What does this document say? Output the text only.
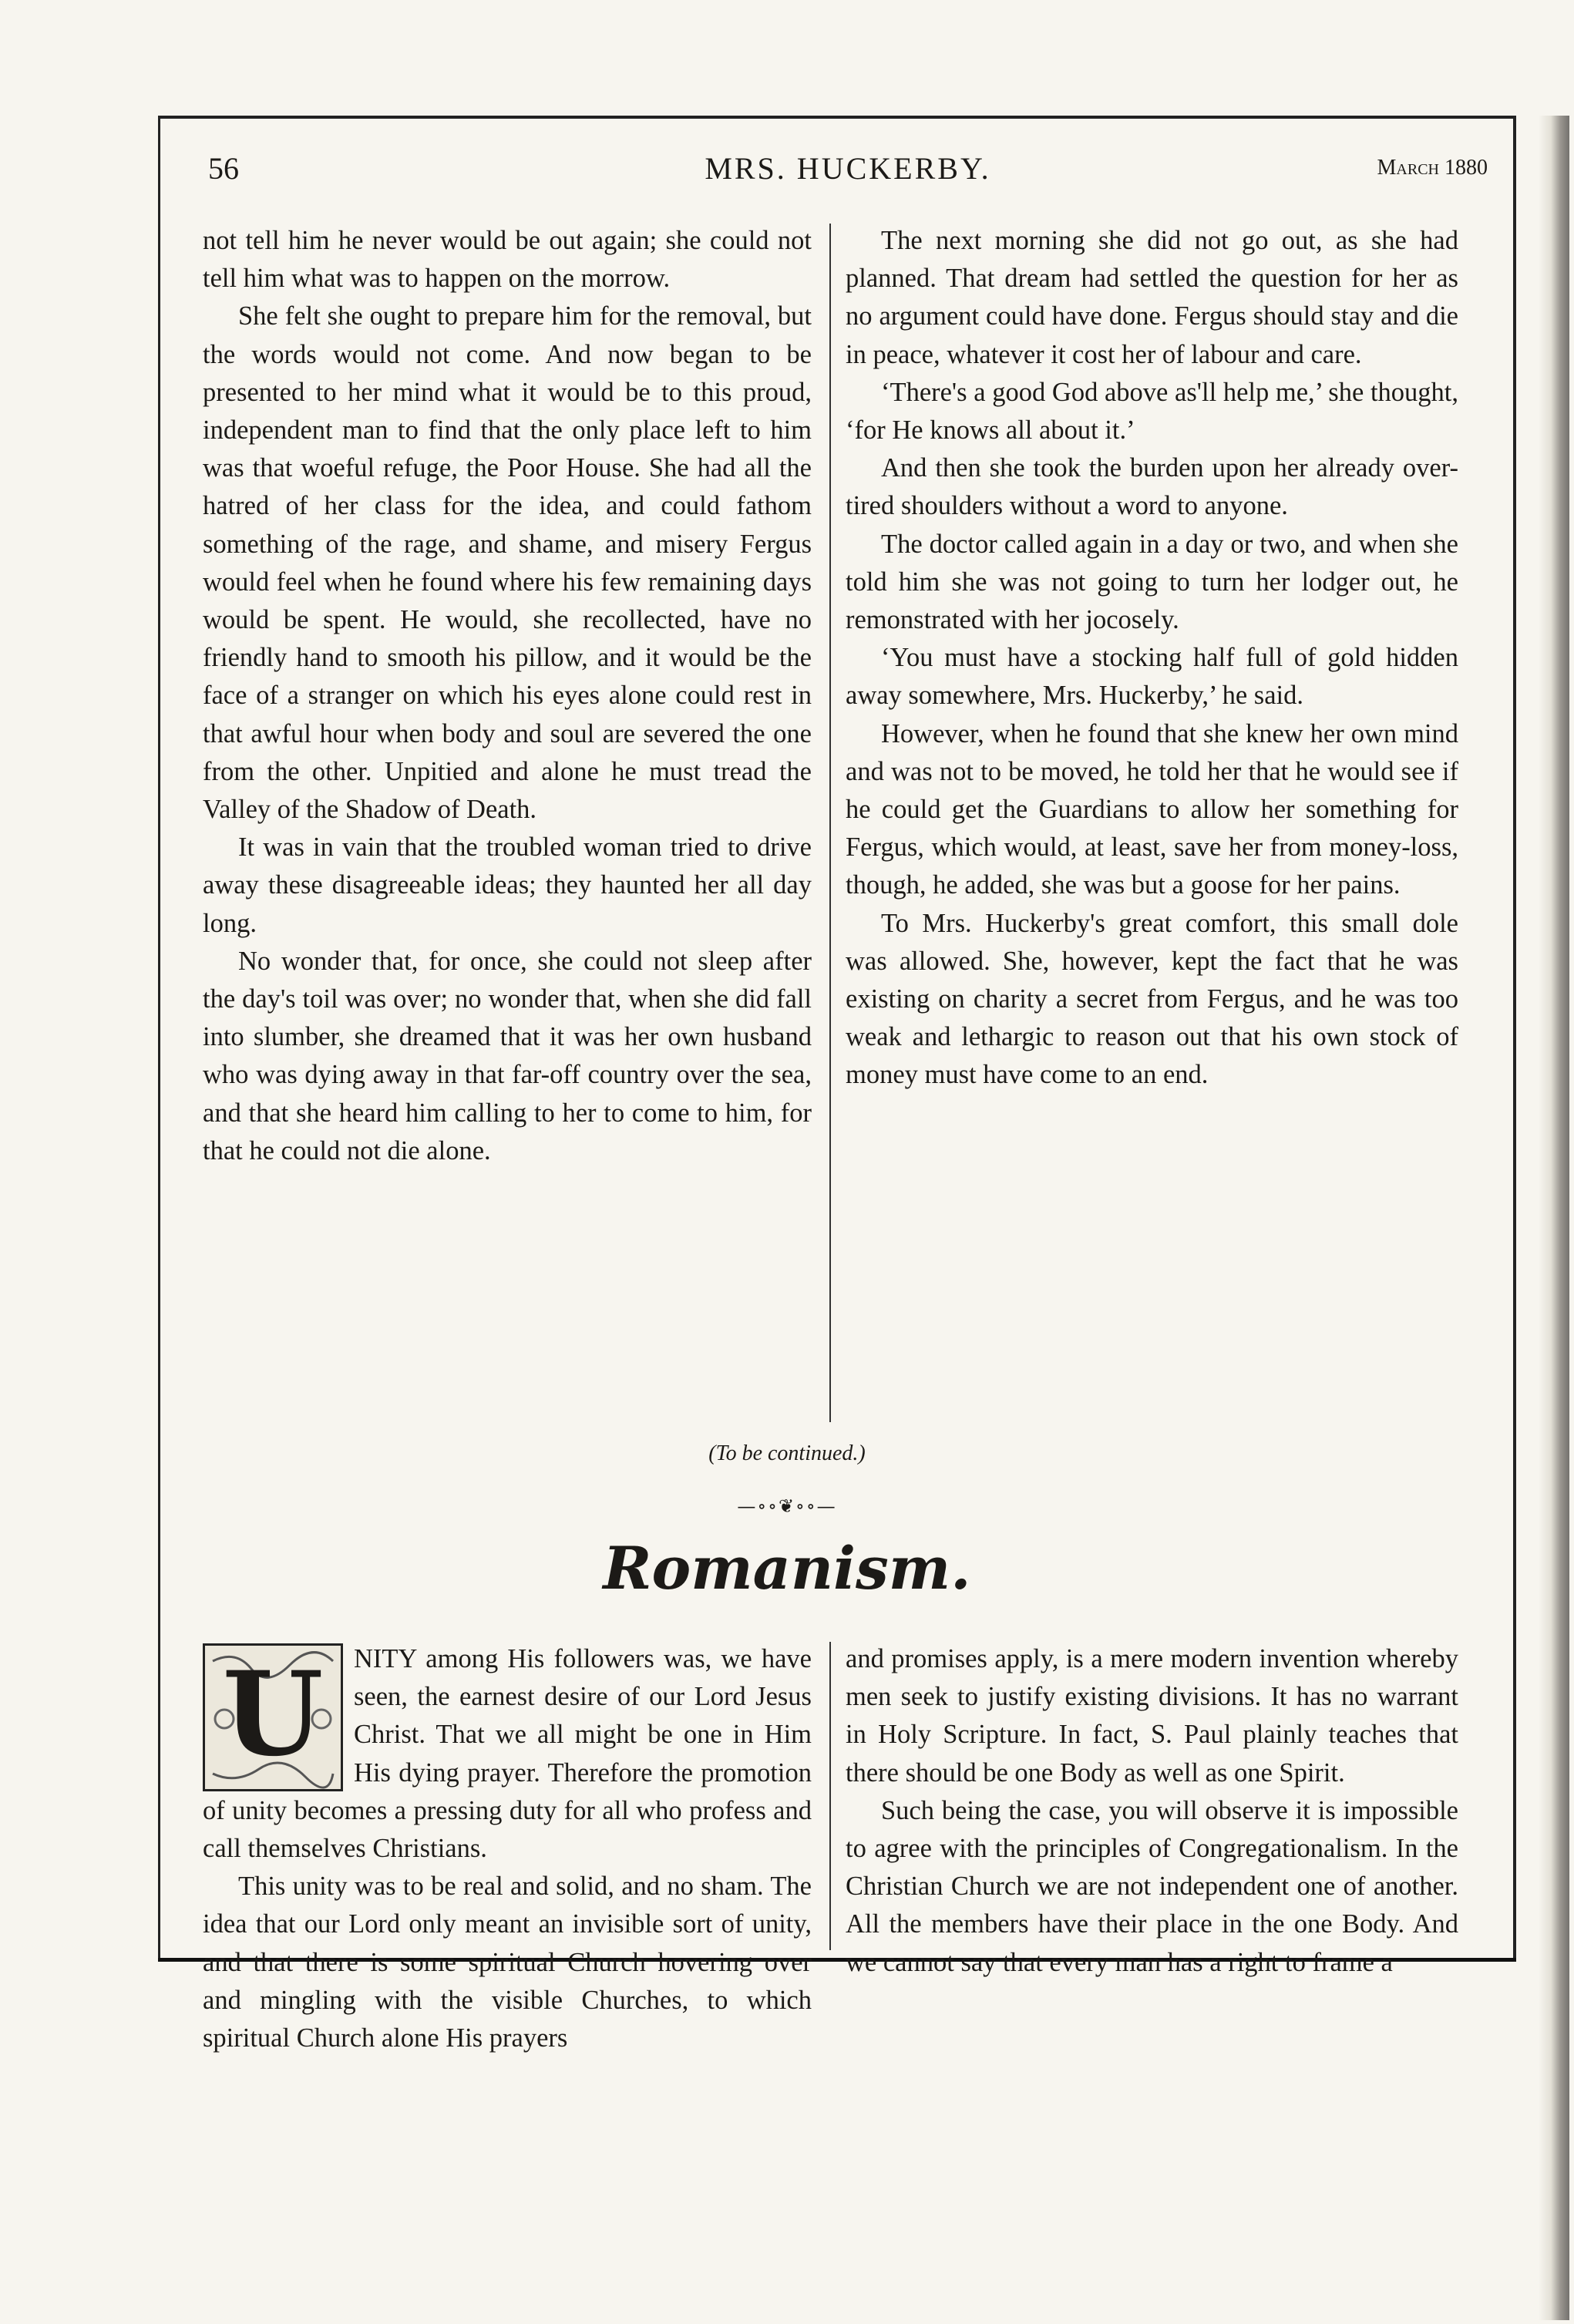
56	MRS. HUCKERBY.	March 1880

not tell him he never would be out again; she could not tell him what was to happen on the morrow.

She felt she ought to prepare him for the removal, but the words would not come. And now began to be presented to her mind what it would be to this proud, independent man to find that the only place left to him was that woeful refuge, the Poor House. She had all the hatred of her class for the idea, and could fathom something of the rage, and shame, and misery Fergus would feel when he found where his few remaining days would be spent. He would, she recollected, have no friendly hand to smooth his pillow, and it would be the face of a stranger on which his eyes alone could rest in that awful hour when body and soul are severed the one from the other. Unpitied and alone he must tread the Valley of the Shadow of Death.

It was in vain that the troubled woman tried to drive away these disagreeable ideas; they haunted her all day long.

No wonder that, for once, she could not sleep after the day's toil was over; no wonder that, when she did fall into slumber, she dreamed that it was her own husband who was dying away in that far-off country over the sea, and that she heard him calling to her to come to him, for that he could not die alone.

The next morning she did not go out, as she had planned. That dream had settled the question for her as no argument could have done. Fergus should stay and die in peace, whatever it cost her of labour and care.

‘There's a good God above as'll help me,’ she thought, ‘for He knows all about it.’

And then she took the burden upon her already over-tired shoulders without a word to anyone.

The doctor called again in a day or two, and when she told him she was not going to turn her lodger out, he remonstrated with her jocosely.

‘You must have a stocking half full of gold hidden away somewhere, Mrs. Huckerby,’ he said.

However, when he found that she knew her own mind and was not to be moved, he told her that he would see if he could get the Guardians to allow her something for Fergus, which would, at least, save her from money-loss, though, he added, she was but a goose for her pains.

To Mrs. Huckerby's great comfort, this small dole was allowed. She, however, kept the fact that he was existing on charity a secret from Fergus, and he was too weak and lethargic to reason out that his own stock of money must have come to an end.

(To be continued.)
—∘∘❦∘∘—
Romanism.
U	NITY among His followers was, we have seen, the earnest desire of our Lord Jesus Christ. That we all might be one in Him His dying prayer. Therefore the promotion of unity becomes a pressing duty for all who profess and call themselves Christians.

This unity was to be real and solid, and no sham. The idea that our Lord only meant an invisible sort of unity, and that there is some spiritual Church hovering over and mingling with the visible Churches, to which spiritual Church alone His prayers

and promises apply, is a mere modern invention whereby men seek to justify existing divisions. It has no warrant in Holy Scripture. In fact, S. Paul plainly teaches that there should be one Body as well as one Spirit.

Such being the case, you will observe it is impossible to agree with the principles of Congregationalism. In the Christian Church we are not independent one of another. All the members have their place in the one Body. And we cannot say that every man has a right to frame a
